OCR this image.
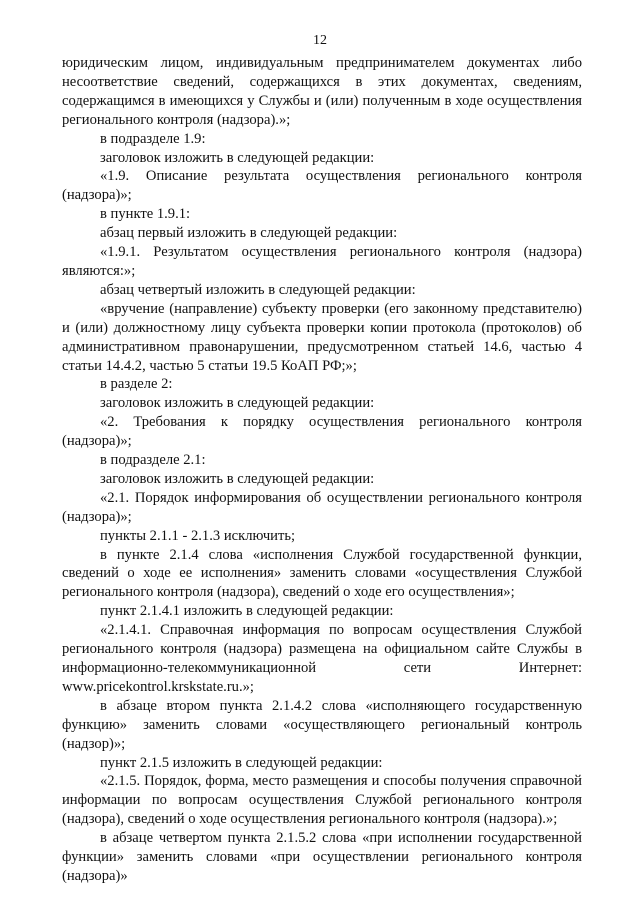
12

юридическим лицом, индивидуальным предпринимателем документах либо несоответствие сведений, содержащихся в этих документах, сведениям, содержащимся в имеющихся у Службы и (или) полученным в ходе осуществления регионального контроля (надзора).»;

в подразделе 1.9:

заголовок изложить в следующей редакции:

«1.9. Описание результата осуществления регионального контроля (надзора)»;

в пункте 1.9.1:

абзац первый изложить в следующей редакции:

«1.9.1. Результатом осуществления регионального контроля (надзора) являются:»;

абзац четвертый изложить в следующей редакции:

«вручение (направление) субъекту проверки (его законному представителю) и (или) должностному лицу субъекта проверки копии протокола (протоколов) об административном правонарушении, предусмотренном статьей 14.6, частью 4 статьи 14.4.2, частью 5 статьи 19.5 КоАП РФ;»;

в разделе 2:

заголовок изложить в следующей редакции:

«2. Требования к порядку осуществления регионального контроля (надзора)»;

в подразделе 2.1:

заголовок изложить в следующей редакции:

«2.1. Порядок информирования об осуществлении регионального контроля (надзора)»;

пункты 2.1.1 - 2.1.3 исключить;

в пункте 2.1.4 слова «исполнения Службой государственной функции, сведений о ходе ее исполнения» заменить словами «осуществления Службой регионального контроля (надзора), сведений о ходе его осуществления»;

пункт 2.1.4.1 изложить в следующей редакции:

«2.1.4.1. Справочная информация по вопросам осуществления Службой регионального контроля (надзора) размещена на официальном сайте Службы в информационно-телекоммуникационной сети Интернет: www.pricekontrol.krskstate.ru.»;

в абзаце втором пункта 2.1.4.2 слова «исполняющего государственную функцию» заменить словами «осуществляющего региональный контроль (надзор)»;

пункт 2.1.5 изложить в следующей редакции:

«2.1.5. Порядок, форма, место размещения и способы получения справочной информации по вопросам осуществления Службой регионального контроля (надзора), сведений о ходе осуществления регионального контроля (надзора).»;

в абзаце четвертом пункта 2.1.5.2 слова «при исполнении государственной функции» заменить словами «при осуществлении регионального контроля (надзора)»
